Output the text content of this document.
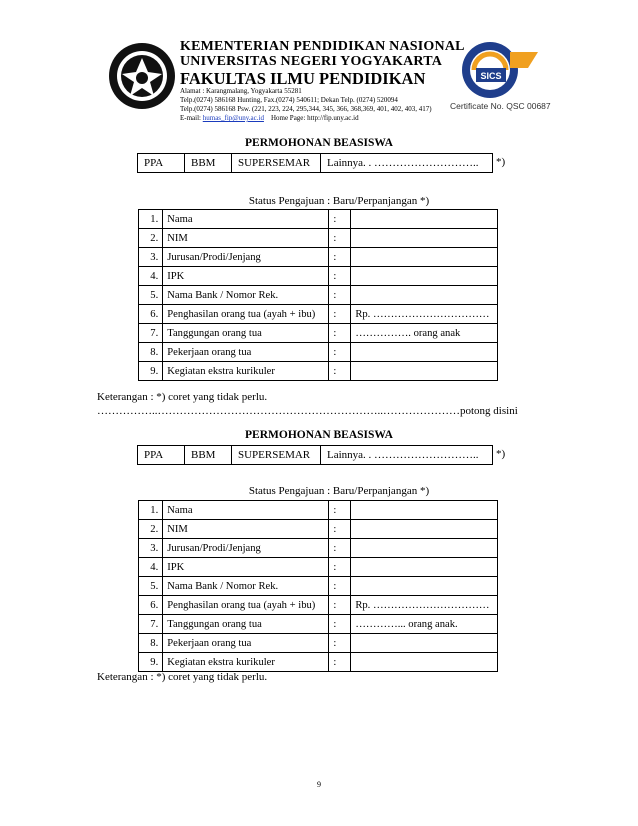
KEMENTERIAN PENDIDIKAN NASIONAL
UNIVERSITAS NEGERI YOGYAKARTA
FAKULTAS ILMU PENDIDIKAN
Alamat : Karangmalang, Yogyakarta 55281
Telp.(0274) 586168 Hunting, Fax.(0274) 540611; Dekan Telp. (0274) 520094
Telp.(0274) 586168 Psw. (221, 223, 224, 295,344, 345, 366, 368,369, 401, 402, 403, 417)
E-mail: humas_fip@uny.ac.id Home Page: http://fip.uny.ac.id
SICS
Certificate No. QSC 00687
PERMOHONAN BEASISWA
PPA	BBM	SUPERSEMAR	Lainnya. . ……………………….. *)
Status Pengajuan : Baru/Perpanjangan *)
1.	Nama	:	
2.	NIM	:	
3.	Jurusan/Prodi/Jenjang	:	
4.	IPK	:	
5.	Nama Bank / Nomor Rek.	:	
6.	Penghasilan orang tua (ayah + ibu)	:	Rp. ……………………………
7.	Tanggungan orang tua	:	……………. orang anak
8.	Pekerjaan orang tua	:	
9.	Kegiatan ekstra kurikuler	:	
Keterangan : *) coret yang tidak perlu.
……………..……………………………………………………..…………………potong disini
PERMOHONAN BEASISWA
PPA	BBM	SUPERSEMAR	Lainnya. . ……………………….. *)
Status Pengajuan : Baru/Perpanjangan *)
1.	Nama	:	
2.	NIM	:	
3.	Jurusan/Prodi/Jenjang	:	
4.	IPK	:	
5.	Nama Bank / Nomor Rek.	:	
6.	Penghasilan orang tua (ayah + ibu)	:	Rp. ……………………………
7.	Tanggungan orang tua	:	…………... orang anak.
8.	Pekerjaan orang tua	:	
9.	Kegiatan ekstra kurikuler	:	
Keterangan : *) coret yang tidak perlu.
9
